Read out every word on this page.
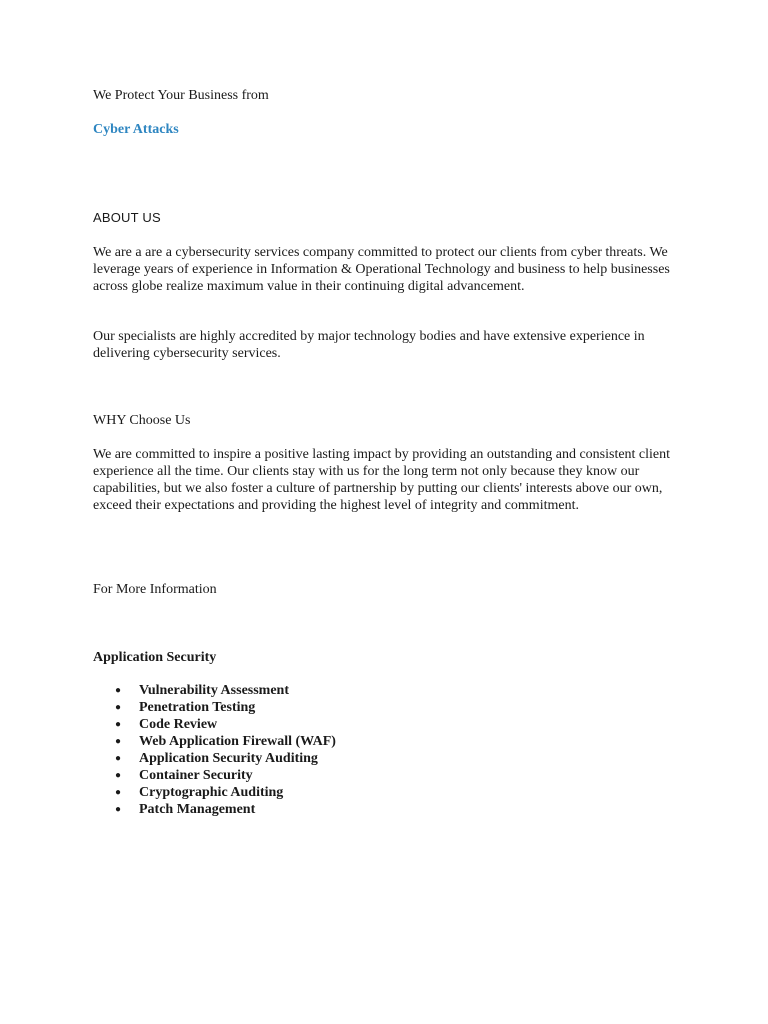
We Protect Your Business from

Cyber Attacks

ABOUT US

We are a are a cybersecurity services company committed to protect our clients from cyber threats. We leverage years of experience in Information & Operational Technology and business to help businesses across globe realize maximum value in their continuing digital advancement.

Our specialists are highly accredited by major technology bodies and have extensive experience in delivering cybersecurity services.

WHY Choose Us

We are committed to inspire a positive lasting impact by providing an outstanding and consistent client experience all the time. Our clients stay with us for the long term not only because they know our capabilities, but we also foster a culture of partnership by putting our clients' interests above our own, exceed their expectations and providing the highest level of integrity and commitment.

For More Information

Application Security

● Vulnerability Assessment
● Penetration Testing
● Code Review
● Web Application Firewall (WAF)
● Application Security Auditing
● Container Security
● Cryptographic Auditing
● Patch Management
